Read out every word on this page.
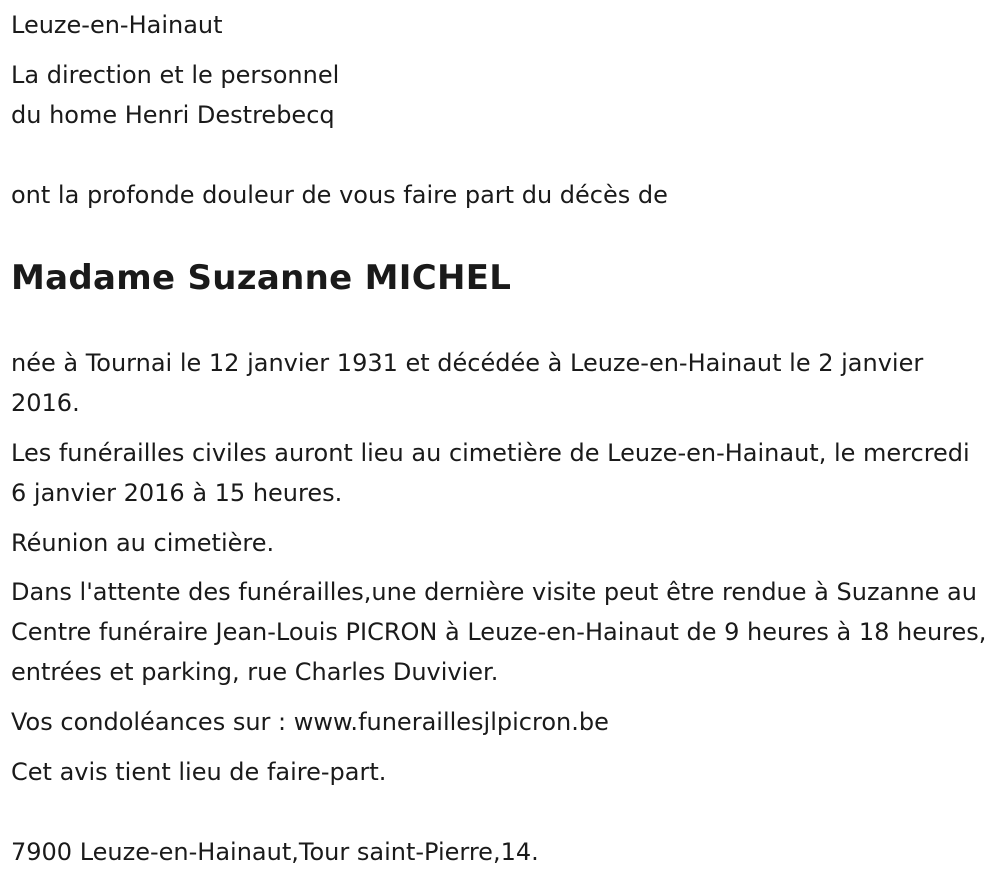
Leuze-en-Hainaut

La direction et le personnel

du home Henri Destrebecq

ont la profonde douleur de vous faire part du décès de

Madame Suzanne MICHEL

née à Tournai le 12 janvier 1931 et décédée à Leuze-en-Hainaut le 2 janvier 2016.

Les funérailles civiles auront lieu au cimetière de Leuze-en-Hainaut, le mercredi 6 janvier 2016 à 15 heures.

Réunion au cimetière.

Dans l'attente des funérailles,une dernière visite peut être rendue à Suzanne au Centre funéraire Jean-Louis PICRON à Leuze-en-Hainaut de 9 heures à 18 heures, entrées et parking, rue Charles Duvivier.

Vos condoléances sur : www.funeraillesjlpicron.be

Cet avis tient lieu de faire-part.

7900 Leuze-en-Hainaut,Tour saint-Pierre,14.
